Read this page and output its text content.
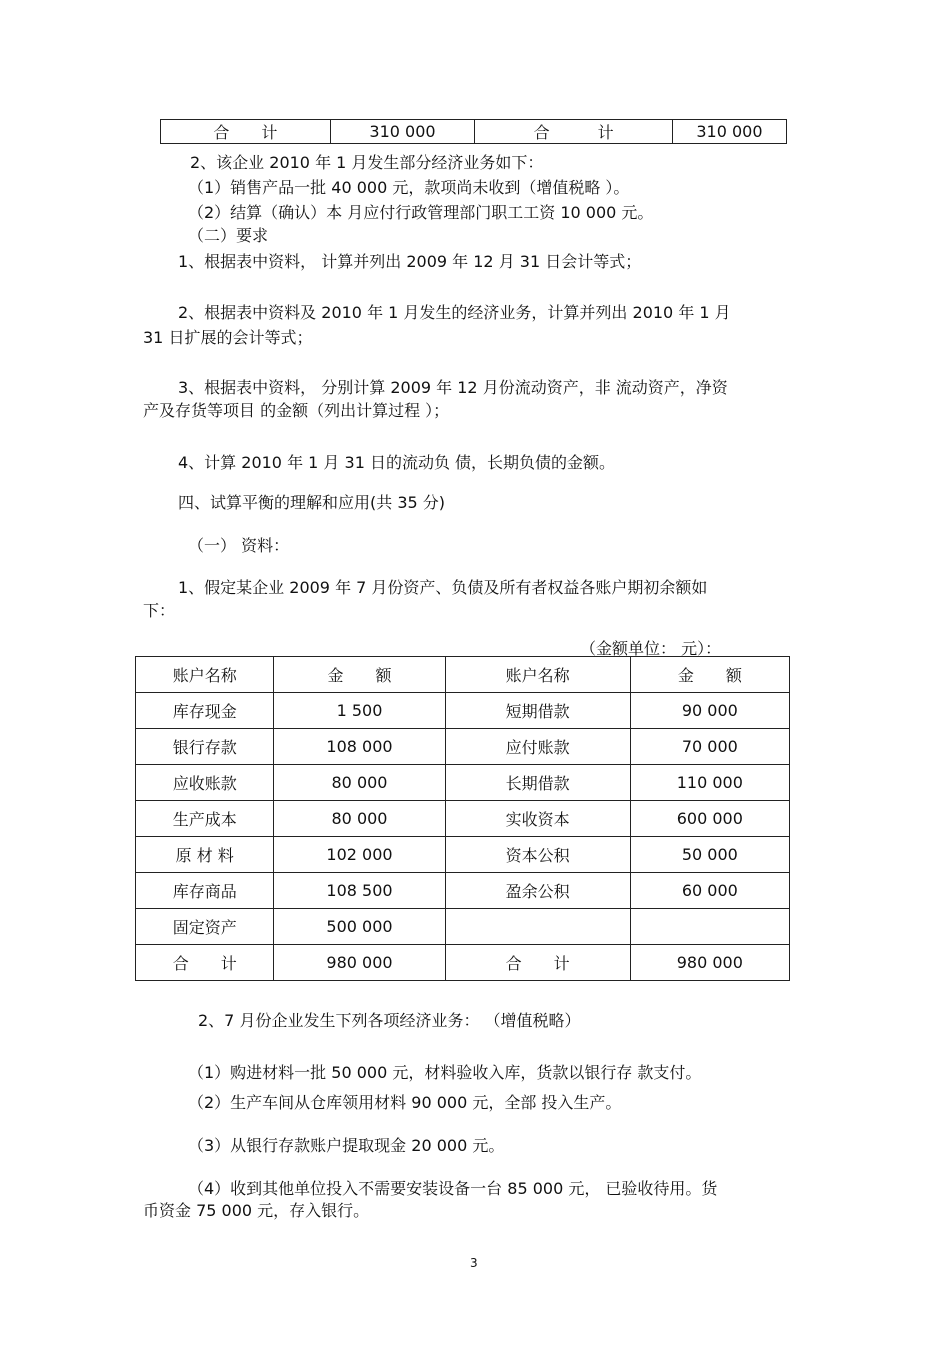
合　　计	310 000	合　　　计	310 000
2、该企业 2010 年 1 月发生部分经济业务如下：
（1）销售产品一批 40 000 元，款项尚未收到（增值税略 ）。
（2）结算（确认）本 月应付行政管理部门职工工资 10 000 元。
（二）要求
1、根据表中资料， 计算并列出 2009 年 12 月 31 日会计等式；
2、根据表中资料及 2010 年 1 月发生的经济业务，计算并列出 2010 年 1 月
31 日扩展的会计等式；
3、根据表中资料， 分别计算 2009 年 12 月份流动资产，非 流动资产，净资
产及存货等项目 的金额（列出计算过程 ）；
4、计算 2010 年 1 月 31 日的流动负 债，长期负债的金额。
四、试算平衡的理解和应用(共 35 分)
（一） 资料：
1、假定某企业 2009 年 7 月份资产、负债及所有者权益各账户期初余额如
下：
（金额单位： 元）：
账户名称	金　　额	账户名称	金　　额
库存现金	1 500	短期借款	90 000
银行存款	108 000	应付账款	70 000
应收账款	80 000	长期借款	110 000
生产成本	80 000	实收资本	600 000
原 材 料	102 000	资本公积	50 000
库存商品	108 500	盈余公积	60 000
固定资产	500 000		
合　　计	980 000	合　　计	980 000
2、7 月份企业发生下列各项经济业务： （增值税略）
（1）购进材料一批 50 000 元，材料验收入库，货款以银行存 款支付。
（2）生产车间从仓库领用材料 90 000 元，全部 投入生产。
（3）从银行存款账户提取现金 20 000 元。
（4）收到其他单位投入不需要安装设备一台 85 000 元， 已验收待用。货
币资金 75 000 元，存入银行。
3
